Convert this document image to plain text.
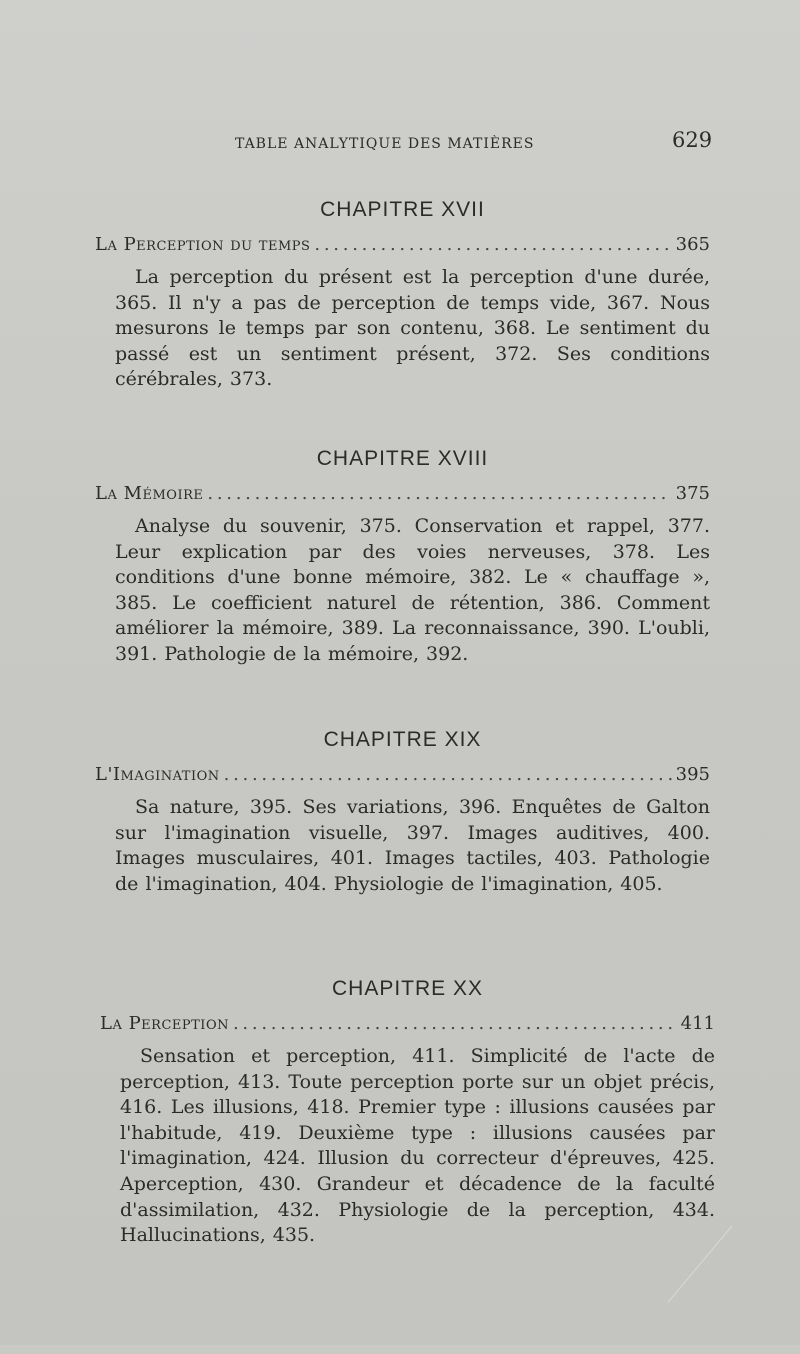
TABLE ANALYTIQUE DES MATIÈRES	629
CHAPITRE XVII
La Perception du temps . . .	365

La perception du présent est la perception d'une durée, 365. Il n'y a pas de perception de temps vide, 367. Nous mesurons le temps par son contenu, 368. Le sentiment du passé est un sentiment présent, 372. Ses conditions cérébrales, 373.

CHAPITRE XVIII
La Mémoire . . .	375

Analyse du souvenir, 375. Conservation et rappel, 377. Leur explication par des voies nerveuses, 378. Les conditions d'une bonne mémoire, 382. Le « chauffage », 385. Le coefficient naturel de rétention, 386. Comment améliorer la mémoire, 389. La reconnaissance, 390. L'oubli, 391. Pathologie de la mémoire, 392.

CHAPITRE XIX
L'Imagination . . .	395

Sa nature, 395. Ses variations, 396. Enquêtes de Galton sur l'imagination visuelle, 397. Images auditives, 400. Images musculaires, 401. Images tactiles, 403. Pathologie de l'imagination, 404. Physiologie de l'imagination, 405.

CHAPITRE XX
La Perception . . .	411

Sensation et perception, 411. Simplicité de l'acte de perception, 413. Toute perception porte sur un objet précis, 416. Les illusions, 418. Premier type : illusions causées par l'habitude, 419. Deuxième type : illusions causées par l'imagination, 424. Illusion du correcteur d'épreuves, 425. Aperception, 430. Grandeur et décadence de la faculté d'assimilation, 432. Physiologie de la perception, 434. Hallucinations, 435.
